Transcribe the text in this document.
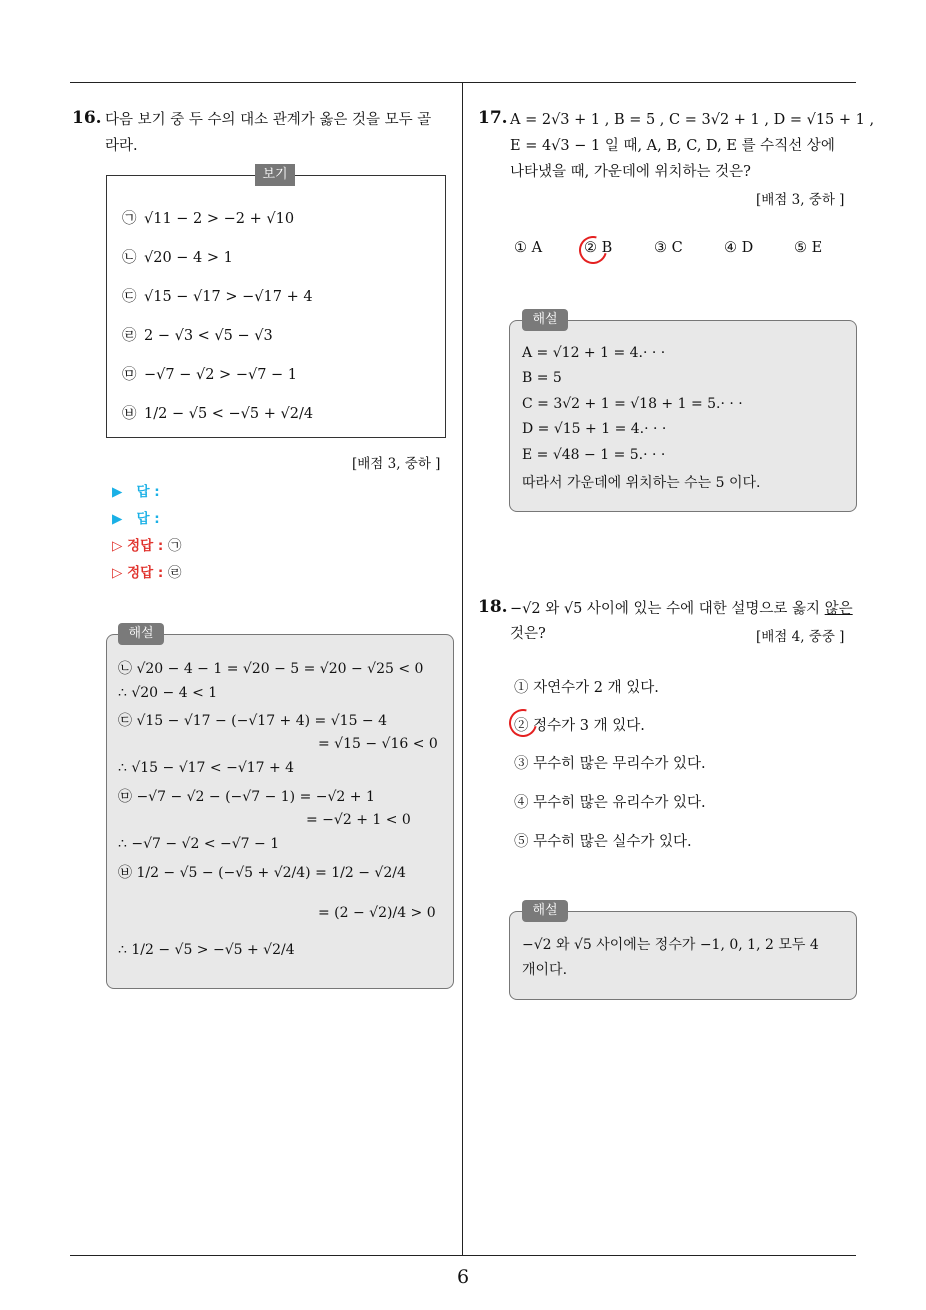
6
16. 다음 보기 중 두 수의 대소 관계가 옳은 것을 모두 골
라라.
보기
㉠ √11 − 2 > −2 + √10
㉡ √20 − 4 > 1
㉢ √15 − √17 > −√17 + 4
㉣ 2 − √3 < √5 − √3
㉤ −√7 − √2 > −√7 − 1
㉥ 1/2 − √5 < −√5 + √2/4
[배점 3, 중하 ]
▶ 답 :
▶ 답 :
▷ 정답 : ㉠
▷ 정답 : ㉣
해설
㉡ √20 − 4 − 1 = √20 − 5 = √20 − √25 < 0
∴ √20 − 4 < 1
㉢ √15 − √17 − (−√17 + 4) = √15 − 4
= √15 − √16 < 0
∴ √15 − √17 < −√17 + 4
㉤ −√7 − √2 − (−√7 − 1) = −√2 + 1
= −√2 + 1 < 0
∴ −√7 − √2 < −√7 − 1
㉥ 1/2 − √5 − (−√5 + √2/4) = 1/2 − √2/4
= (2 − √2)/4 > 0
∴ 1/2 − √5 > −√5 + √2/4
17. A = 2√3 + 1 , B = 5 , C = 3√2 + 1 , D = √15 + 1 ,
E = 4√3 − 1 일 때, A, B, C, D, E 를 수직선 상에
나타냈을 때, 가운데에 위치하는 것은?
[배점 3, 중하 ]
① A	② B	③ C	④ D	⑤ E
해설
A = √12 + 1 = 4.· · ·
B = 5
C = 3√2 + 1 = √18 + 1 = 5.· · ·
D = √15 + 1 = 4.· · ·
E = √48 − 1 = 5.· · ·
따라서 가운데에 위치하는 수는 5 이다.
18. −√2 와 √5 사이에 있는 수에 대한 설명으로 옳지 않은
것은?	[배점 4, 중중 ]
① 자연수가 2 개 있다.
② 정수가 3 개 있다.
③ 무수히 많은 무리수가 있다.
④ 무수히 많은 유리수가 있다.
⑤ 무수히 많은 실수가 있다.
해설
−√2 와 √5 사이에는 정수가 −1, 0, 1, 2 모두 4
개이다.
